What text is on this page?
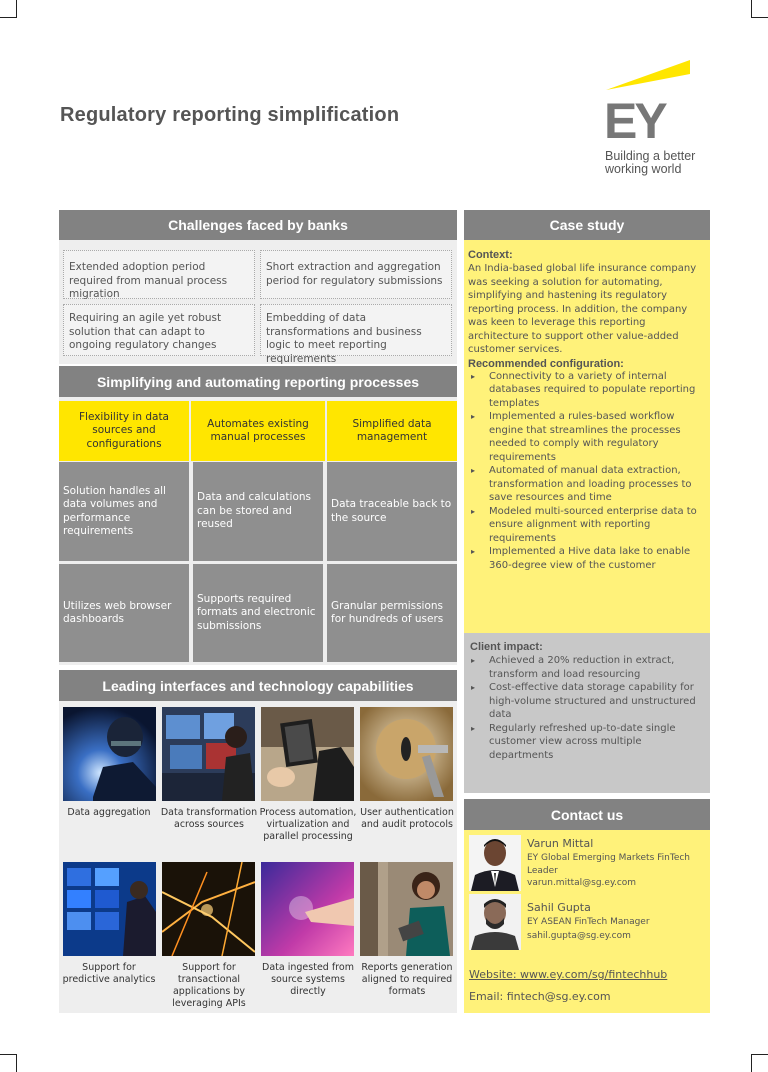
Regulatory reporting simplification	EY
Building a better working world
Challenges faced by banks
Extended adoption period required from manual process migration
Short extraction and aggregation period for regulatory submissions
Requiring an agile yet robust solution that can adapt to ongoing regulatory changes
Embedding of data transformations and business logic to meet reporting requirements
Simplifying and automating reporting processes
Flexibility in data sources and configurations
Automates existing manual processes
Simplified data management
Solution handles all data volumes and performance requirements
Data and calculations can be stored and reused
Data traceable back to the source
Utilizes web browser dashboards
Supports required formats and electronic submissions
Granular permissions for hundreds of users
Leading interfaces and technology capabilities
Data aggregation	Data transformation across sources
Process automation, virtualization and parallel processing
User authentication and audit protocols
Support for predictive analytics
Support for transactional applications by leveraging APIs
Data ingested from source systems directly
Reports generation aligned to required formats
Case study
Context:
An India-based global life insurance company was seeking a solution for automating, simplifying and hastening its regulatory reporting process. In addition, the company was keen to leverage this reporting architecture to support other value-added customer services.
Recommended configuration:
▸ Connectivity to a variety of internal databases required to populate reporting templates
▸ Implemented a rules-based workflow engine that streamlines the processes needed to comply with regulatory requirements
▸ Automated of manual data extraction, transformation and loading processes to save resources and time
▸ Modeled multi-sourced enterprise data to ensure alignment with reporting requirements
▸ Implemented a Hive data lake to enable 360-degree view of the customer
Client impact:
▸ Achieved a 20% reduction in extract, transform and load resourcing
▸ Cost-effective data storage capability for high-volume structured and unstructured data
▸ Regularly refreshed up-to-date single customer view across multiple departments
Contact us
Varun Mittal
EY Global Emerging Markets FinTech Leader
varun.mittal@sg.ey.com
Sahil Gupta
EY ASEAN FinTech Manager
sahil.gupta@sg.ey.com
Website: www.ey.com/sg/fintechhub
Email: fintech@sg.ey.com
